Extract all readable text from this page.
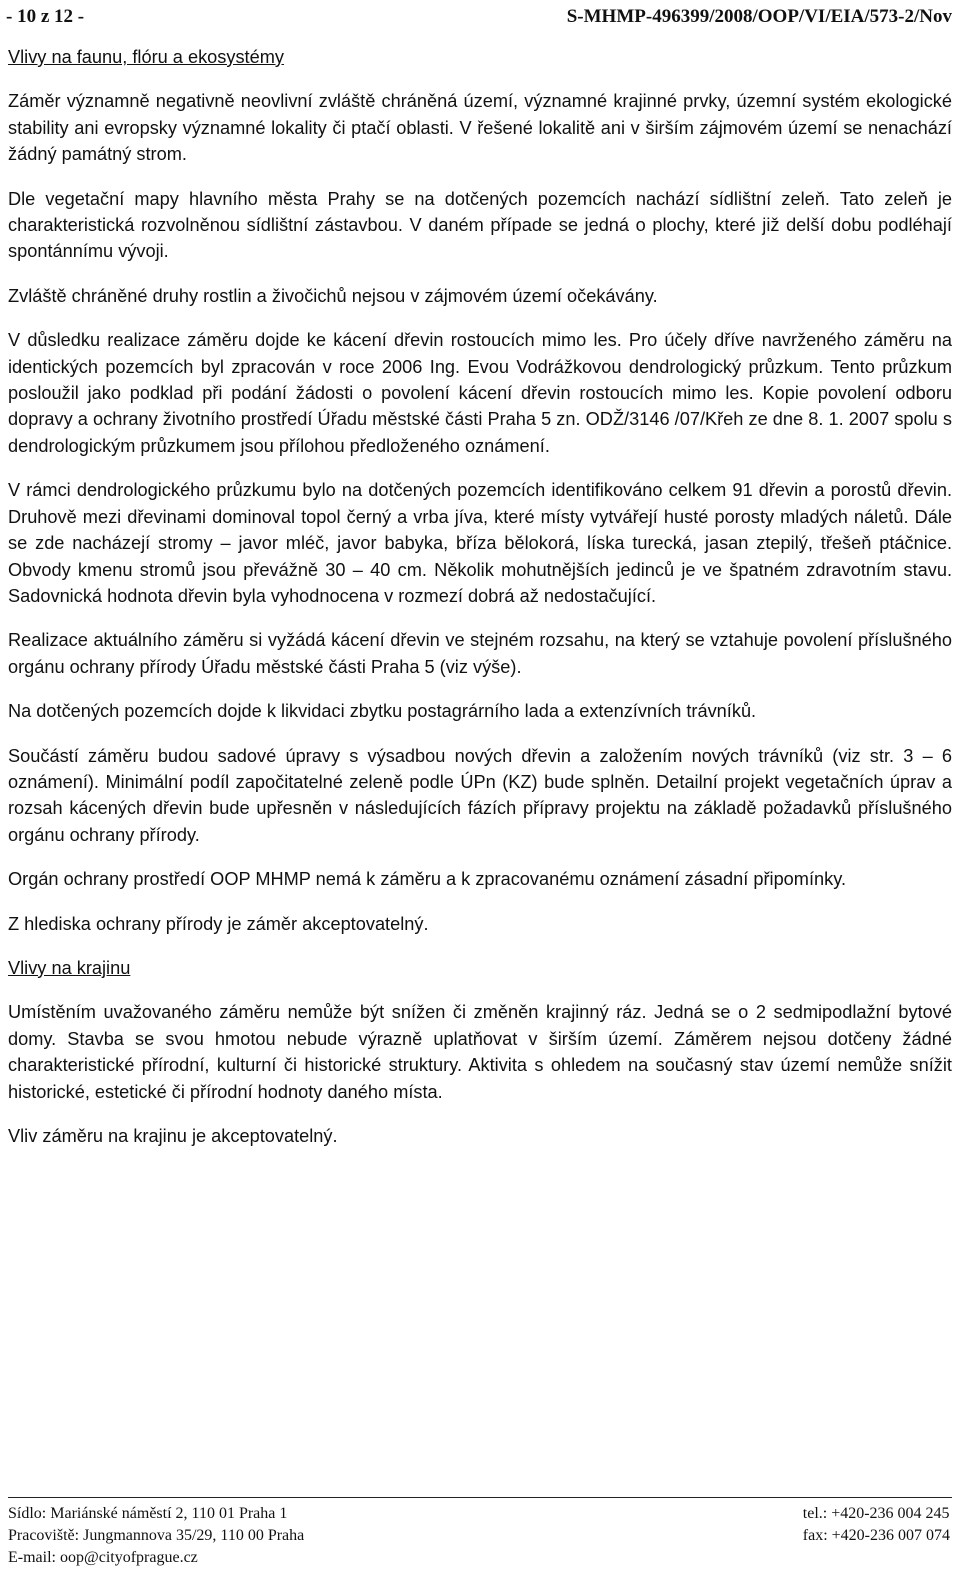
- 10 z 12 -	S-MHMP-496399/2008/OOP/VI/EIA/573-2/Nov
Vlivy na faunu, flóru a ekosystémy

Záměr významně negativně neovlivní zvláště chráněná území, významné krajinné prvky, územní systém ekologické stability ani evropsky významné lokality či ptačí oblasti. V řešené lokalitě ani v širším zájmovém území se nenachází žádný památný strom.

Dle vegetační mapy hlavního města Prahy se na dotčených pozemcích nachází sídlištní zeleň. Tato zeleň je charakteristická rozvolněnou sídlištní zástavbou. V daném případe se jedná o plochy, které již delší dobu podléhají spontánnímu vývoji.

Zvláště chráněné druhy rostlin a živočichů nejsou v zájmovém území očekávány.

V důsledku realizace záměru dojde ke kácení dřevin rostoucích mimo les. Pro účely dříve navrženého záměru na identických pozemcích byl zpracován v roce 2006 Ing. Evou Vodrážkovou dendrologický průzkum. Tento průzkum posloužil jako podklad při podání žádosti o povolení kácení dřevin rostoucích mimo les. Kopie povolení odboru dopravy a ochrany životního prostředí Úřadu městské části Praha 5 zn. ODŽ/3146 /07/Křeh ze dne 8. 1. 2007 spolu s dendrologickým průzkumem jsou přílohou předloženého oznámení.

V rámci dendrologického průzkumu bylo na dotčených pozemcích identifikováno celkem 91 dřevin a porostů dřevin. Druhově mezi dřevinami dominoval topol černý a vrba jíva, které místy vytvářejí husté porosty mladých náletů. Dále se zde nacházejí stromy – javor mléč, javor babyka, bříza bělokorá, líska turecká, jasan ztepilý, třešeň ptáčnice. Obvody kmenu stromů jsou převážně 30 – 40 cm. Několik mohutnějších jedinců je ve špatném zdravotním stavu. Sadovnická hodnota dřevin byla vyhodnocena v rozmezí dobrá až nedostačující.

Realizace aktuálního záměru si vyžádá kácení dřevin ve stejném rozsahu, na který se vztahuje povolení příslušného orgánu ochrany přírody Úřadu městské části Praha 5 (viz výše).

Na dotčených pozemcích dojde k likvidaci zbytku postagrárního lada a extenzívních trávníků.

Součástí záměru budou sadové úpravy s výsadbou nových dřevin a založením nových trávníků (viz str. 3 – 6 oznámení). Minimální podíl započitatelné zeleně podle ÚPn (KZ) bude splněn. Detailní projekt vegetačních úprav a rozsah kácených dřevin bude upřesněn v následujících fázích přípravy projektu na základě požadavků příslušného orgánu ochrany přírody.

Orgán ochrany prostředí OOP MHMP nemá k záměru a k zpracovanému oznámení zásadní připomínky.

Z hlediska ochrany přírody je záměr akceptovatelný.

Vlivy na krajinu

Umístěním uvažovaného záměru nemůže být snížen či změněn krajinný ráz. Jedná se o 2 sedmipodlažní bytové domy. Stavba se svou hmotou nebude výrazně uplatňovat v širším území. Záměrem nejsou dotčeny žádné charakteristické přírodní, kulturní či historické struktury. Aktivita s ohledem na současný stav území nemůže snížit historické, estetické či přírodní hodnoty daného místa.

Vliv záměru na krajinu je akceptovatelný.

Sídlo: Mariánské náměstí 2, 110 01 Praha 1
Pracoviště: Jungmannova 35/29, 110 00 Praha
E-mail: oop@cityofprague.cz
tel.: +420-236 004 245
fax: +420-236 007 074
